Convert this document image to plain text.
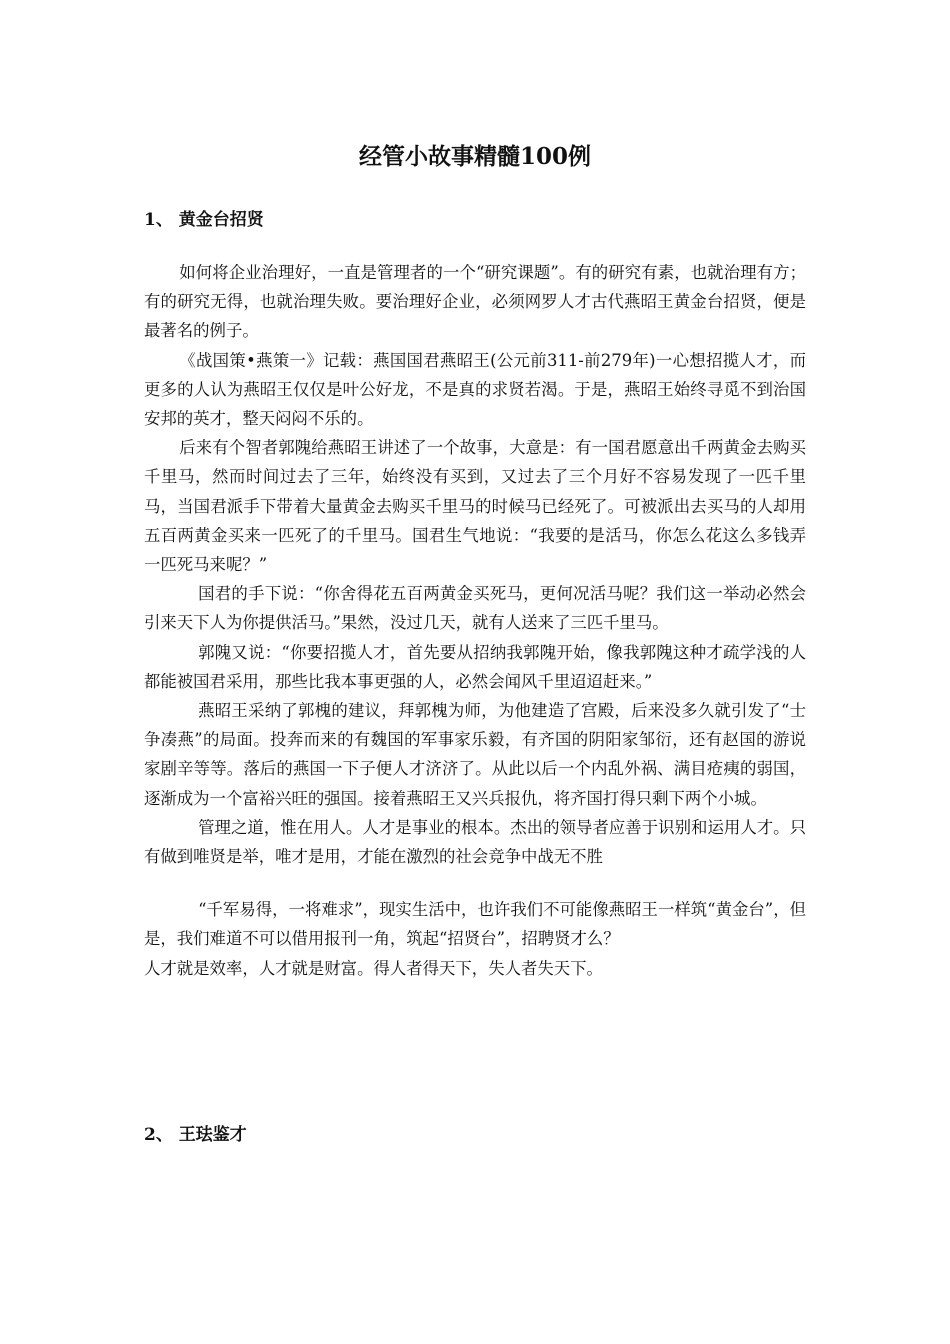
经管小故事精髓100例
1、 黄金台招贤

如何将企业治理好，一直是管理者的一个“研究课题”。有的研究有素，也就治理有方；有的研究无得，也就治理失败。要治理好企业，必须网罗人才古代燕昭王黄金台招贤，便是最著名的例子。

《战国策•燕策一》记载：燕国国君燕昭王(公元前311-前279年)一心想招揽人才，而更多的人认为燕昭王仅仅是叶公好龙，不是真的求贤若渴。于是，燕昭王始终寻觅不到治国安邦的英才，整天闷闷不乐的。

后来有个智者郭隗给燕昭王讲述了一个故事，大意是：有一国君愿意出千两黄金去购买千里马，然而时间过去了三年，始终没有买到，又过去了三个月好不容易发现了一匹千里马，当国君派手下带着大量黄金去购买千里马的时候马已经死了。可被派出去买马的人却用五百两黄金买来一匹死了的千里马。国君生气地说：“我要的是活马，你怎么花这么多钱弄一匹死马来呢？”

国君的手下说：“你舍得花五百两黄金买死马，更何况活马呢？我们这一举动必然会引来天下人为你提供活马。”果然，没过几天，就有人送来了三匹千里马。

郭隗又说：“你要招揽人才，首先要从招纳我郭隗开始，像我郭隗这种才疏学浅的人都能被国君采用，那些比我本事更强的人，必然会闻风千里迢迢赶来。”

燕昭王采纳了郭槐的建议，拜郭槐为师，为他建造了宫殿，后来没多久就引发了“士争凑燕”的局面。投奔而来的有魏国的军事家乐毅，有齐国的阴阳家邹衍，还有赵国的游说家剧辛等等。落后的燕国一下子便人才济济了。从此以后一个内乱外祸、满目疮痍的弱国，逐渐成为一个富裕兴旺的强国。接着燕昭王又兴兵报仇，将齐国打得只剩下两个小城。

管理之道，惟在用人。人才是事业的根本。杰出的领导者应善于识别和运用人才。只有做到唯贤是举，唯才是用，才能在激烈的社会竞争中战无不胜

“千军易得，一将难求”，现实生活中，也许我们不可能像燕昭王一样筑“黄金台”，但是，我们难道不可以借用报刊一角，筑起“招贤台”，招聘贤才么？

人才就是效率，人才就是财富。得人者得天下，失人者失天下。

2、 王珐鉴才
